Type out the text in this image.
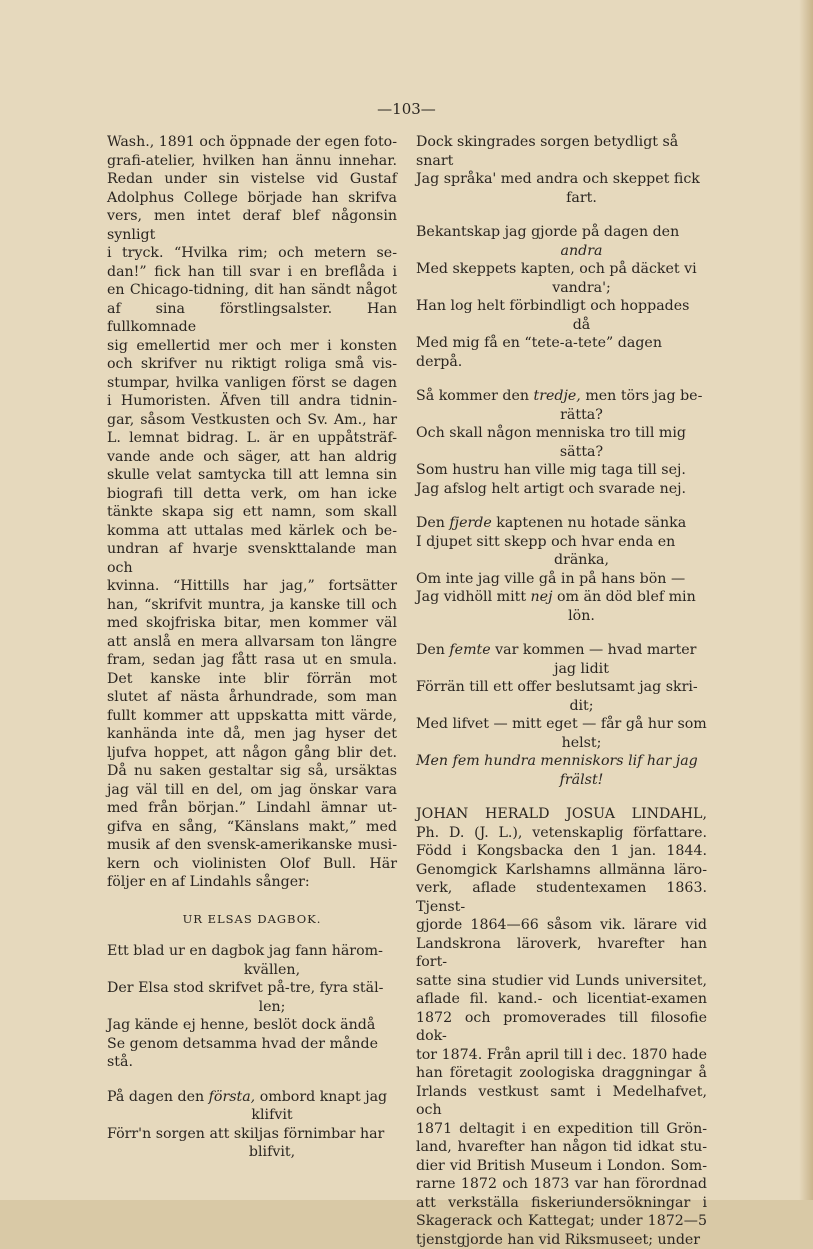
—103—
Wash., 1891 och öppnade der egen foto-
grafi-atelier, hvilken han ännu innehar.
Redan under sin vistelse vid Gustaf
Adolphus College började han skrifva
vers, men intet deraf blef någonsin synligt
i tryck. “Hvilka rim; och metern se-
dan!” fick han till svar i en breflåda i
en Chicago-tidning, dit han sändt något
af sina förstlingsalster. Han fullkomnade
sig emellertid mer och mer i konsten
och skrifver nu riktigt roliga små vis-
stumpar, hvilka vanligen först se dagen
i Humoristen. Äfven till andra tidnin-
gar, såsom Vestkusten och Sv. Am., har
L. lemnat bidrag. L. är en uppåtsträf-
vande ande och säger, att han aldrig
skulle velat samtycka till att lemna sin
biografi till detta verk, om han icke
tänkte skapa sig ett namn, som skall
komma att uttalas med kärlek och be-
undran af hvarje svenskttalande man och
kvinna. “Hittills har jag,” fortsätter
han, “skrifvit muntra, ja kanske till och
med skojfriska bitar, men kommer väl
att anslå en mera allvarsam ton längre
fram, sedan jag fått rasa ut en smula.
Det kanske inte blir förrän mot
slutet af nästa århundrade, som man
fullt kommer att uppskatta mitt värde,
kanhända inte då, men jag hyser det
ljufva hoppet, att någon gång blir det.
Då nu saken gestaltar sig så, ursäktas
jag väl till en del, om jag önskar vara
med från början.” Lindahl ämnar ut-
gifva en sång, “Känslans makt,” med
musik af den svensk-amerikanske musi-
kern och violinisten Olof Bull. Här
följer en af Lindahls sånger:
UR ELSAS DAGBOK.
Ett blad ur en dagbok jag fann härom-
kvällen,
Der Elsa stod skrifvet på-tre, fyra stäl-
len;
Jag kände ej henne, beslöt dock ändå
Se genom detsamma hvad der månde stå.
På dagen den första, ombord knapt jag
klifvit
Förr'n sorgen att skiljas förnimbar har
blifvit,
Dock skingrades sorgen betydligt så snart
Jag språka' med andra och skeppet fick
fart.
Bekantskap jag gjorde på dagen den
andra
Med skeppets kapten, och på däcket vi
vandra';
Han log helt förbindligt och hoppades
då
Med mig få en “tete-a-tete” dagen derpå.
Så kommer den tredje, men törs jag be-
rätta?
Och skall någon menniska tro till mig
sätta?
Som hustru han ville mig taga till sej.
Jag afslog helt artigt och svarade nej.
Den fjerde kaptenen nu hotade sänka
I djupet sitt skepp och hvar enda en
dränka,
Om inte jag ville gå in på hans bön —
Jag vidhöll mitt nej om än död blef min
lön.
Den femte var kommen — hvad marter
jag lidit
Förrän till ett offer beslutsamt jag skri-
dit;
Med lifvet — mitt eget — får gå hur som
helst;
Men fem hundra menniskors lif har jag
frälst!
JOHAN HERALD JOSUA LINDAHL,
Ph. D. (J. L.), vetenskaplig författare.
Född i Kongsbacka den 1 jan. 1844.
Genomgick Karlshamns allmänna läro-
verk, aflade studentexamen 1863. Tjenst-
gjorde 1864—66 såsom vik. lärare vid
Landskrona läroverk, hvarefter han fort-
satte sina studier vid Lunds universitet,
aflade fil. kand.- och licentiat-examen
1872 och promoverades till filosofie dok-
tor 1874. Från april till i dec. 1870 hade
han företagit zoologiska draggningar å
Irlands vestkust samt i Medelhafvet, och
1871 deltagit i en expedition till Grön-
land, hvarefter han någon tid idkat stu-
dier vid British Museum i London. Som-
rarne 1872 och 1873 var han förordnad
att verkställa fiskeriundersökningar i
Skagerack och Kattegat; under 1872—5
tjenstgjorde han vid Riksmuseet; under
